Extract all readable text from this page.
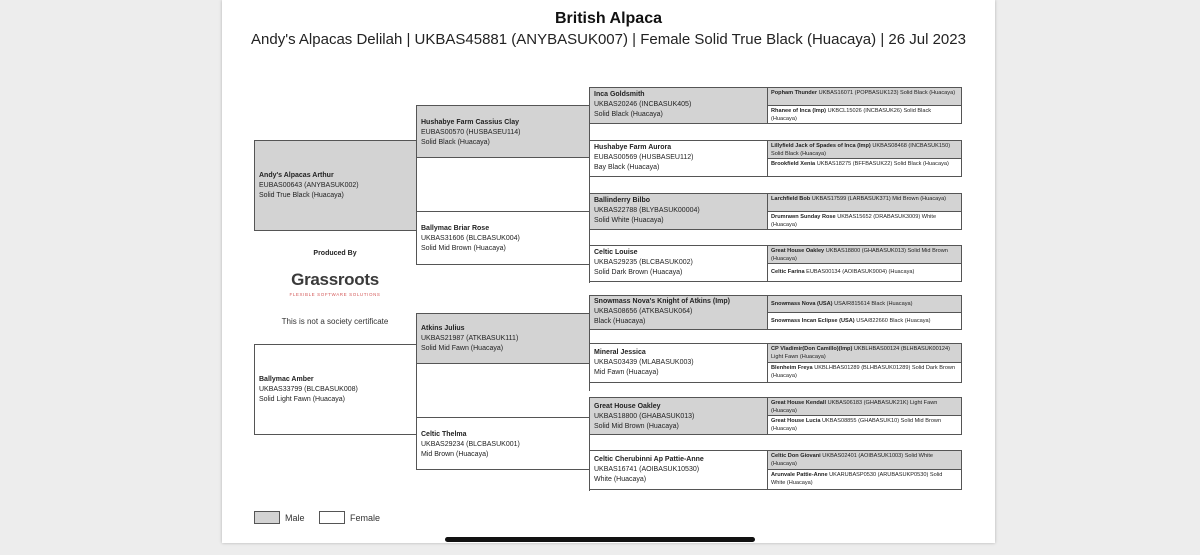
British Alpaca
Andy's Alpacas Delilah | UKBAS45881 (ANYBASUK007) | Female Solid True Black (Huacaya) | 26 Jul 2023
Andy's Alpacas Arthur
EUBAS00643 (ANYBASUK002)
Solid True Black (Huacaya)
Ballymac Amber
UKBAS33799 (BLCBASUK008)
Solid Light Fawn (Huacaya)
Hushabye Farm Cassius Clay
EUBAS00570 (HUSBASEU114)
Solid Black (Huacaya)
Ballymac Briar Rose
UKBAS31606 (BLCBASUK004)
Solid Mid Brown (Huacaya)
Atkins Julius
UKBAS21987 (ATKBASUK111)
Solid Mid Fawn (Huacaya)
Celtic Thelma
UKBAS29234 (BLCBASUK001)
Mid Brown (Huacaya)
Inca Goldsmith
UKBAS20246 (INCBASUK405)
Solid Black (Huacaya)
Hushabye Farm Aurora
EUBAS00569 (HUSBASEU112)
Bay Black (Huacaya)
Ballinderry Bilbo
UKBAS22788 (BLYBASUK00004)
Solid White (Huacaya)
Celtic Louise
UKBAS29235 (BLCBASUK002)
Solid Dark Brown (Huacaya)
Snowmass Nova's Knight of Atkins (Imp)
UKBAS08656 (ATKBASUK064)
Black (Huacaya)
Mineral Jessica
UKBAS03439 (MLABASUK003)
Mid Fawn (Huacaya)
Great House Oakley
UKBAS18800 (GHABASUK013)
Solid Mid Brown (Huacaya)
Celtic Cherubinni Ap Pattie-Anne
UKBAS16741 (AOIBASUK10530)
White (Huacaya)
Popham Thunder UKBAS16071 (POPBASUK123) Solid Black (Huacaya)
Rhanee of Inca (Imp) UKBCL15026 (INCBASUK26) Solid Black (Huacaya)
Lillyfield Jack of Spades of Inca (Imp) UKBAS08468 (INCBASUK150) Solid Black (Huacaya)
Brookfield Xenia UKBAS18275 (BFFBASUK22) Solid Black (Huacaya)
Larchfield Bob UKBAS17599 (LARBASUK371) Mid Brown (Huacaya)
Drumrawn Sunday Rose UKBAS15652 (DRABASUK3009) White (Huacaya)
Great House Oakley UKBAS18800 (GHABASUK013) Solid Mid Brown (Huacaya)
Celtic Farina EUBAS00134 (AOIBASUK9004) (Huacaya)
Snowmass Nova (USA) USA/R815614 Black (Huacaya)
Snowmass Incan Eclipse (USA) USA/822660 Black (Huacaya)
CP Vladimir(Don Camillo)(Imp) UKBLHBAS00124 (BLHBASUK00124) Light Fawn (Huacaya)
Blenheim Freya UKBLHBAS01289 (BLHBASUK01289) Solid Dark Brown (Huacaya)
Great House Kendall UKBAS06183 (GHABASUK21K) Light Fawn (Huacaya)
Great House Lucia UKBAS08855 (GHABASUK10) Solid Mid Brown (Huacaya)
Celtic Don Giovani UKBAS02401 (AOIBASUK1003) Solid White (Huacaya)
Arunvale Pattie-Anne UKARUBASP0530 (ARUBASUKP0530) Solid White (Huacaya)
Produced By
Grassroots
FLEXIBLE SOFTWARE SOLUTIONS
This is not a society certificate
Male	Female
